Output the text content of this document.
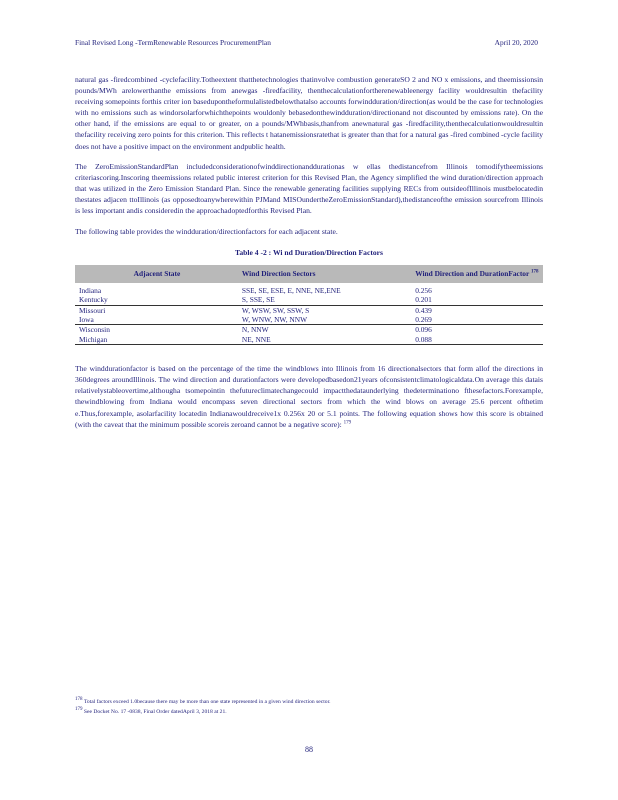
Final Revised Long -TermRenewable Resources ProcurementPlan	April 20, 2020

natural gas -firedcombined -cyclefacility.Totheextent thatthetechnologies thatinvolve combustion generateSO 2 and NO x emissions, and theemissionsin pounds/MWh arelowerthanthe emissions from anewgas -firedfacility, thenthecalculationfortherenewableenergy facility wouldresultin thefacility receiving somepoints forthis criter ion basedupontheformulalistedbelowthatalso accounts forwindduration/direction(as would be the case for technologies with no emissions such as windorsolarforwhichthepoints wouldonly bebasedonthewindduration/directionand not discounted by emissions rate). On the other hand, if the emissions are equal to or greater, on a pounds/MWhbasis,thanfrom anewnatural gas -firedfacility,thenthecalculationwouldresultin thefacility receiving zero points for this criterion. This reflects t hatanemissionsratethat is greater than that for a natural gas -fired combined -cycle facility does not have a positive impact on the environment andpublic health.

The ZeroEmissionStandardPlan includedconsiderationofwinddirectionanddurationas w ellas thedistancefrom Illinois tomodifytheemissions criteriascoring.Inscoring theemissions related public interest criterion for this Revised Plan, the Agency simplified the wind duration/direction approach that was utilized in the Zero Emission Standard Plan. Since the renewable generating facilities supplying RECs from outsideofIllinois mustbelocatedin thestates adjacen ttoIllinois (as opposedtoanywherewithin PJMand MISOundertheZeroEmissionStandard),thedistanceofthe emission sourcefrom Illinois is less important andis consideredin the approachadoptedforthis Revised Plan.

The following table provides the windduration/directionfactors for each adjacent state.

Table 4 -2 : Wi nd Duration/Direction Factors
Adjacent State	Wind Direction Sectors	Wind Direction and DurationFactor $^{178}$
Indiana	SSE, SE, ESE, E, NNE, NE,ENE	0.256
Kentucky	S, SSE, SE	0.201
Missouri	W, WSW, SW, SSW, S	0.439
Iowa	W, WNW, NW, NNW	0.269
Wisconsin	N, NNW	0.096
Michigan	NE, NNE	0.088

The winddurationfactor is based on the percentage of the time the windblows into Illinois from 16 directionalsectors that form allof the directions in 360degrees aroundIllinois. The wind direction and durationfactors were developedbasedon21years ofconsistentclimatologicaldata.On average this datais relativelystableovertime,althougha tsomepointin thefutureclimatechangecould impactthedataunderlying thedeterminationo fthesefactors.Forexample, thewindblowing from Indiana would encompass seven directional sectors from which the wind blows on average 25.6 percent ofthetim e.Thus,forexample, asolarfacility locatedin Indianawouldreceive1x 0.256x 20 or 5.1 points. The following equation shows how this score is obtained (with the caveat that the minimum possible scoreis zeroand cannot be a negative score): $^{179}$

$^{178}$ Total factors exceed 1.0because there may be more than one state represented in a given wind direction sector.
$^{179}$ See Docket No. 17 -0838, Final Order datedApril 3, 2018 at 21.
88
